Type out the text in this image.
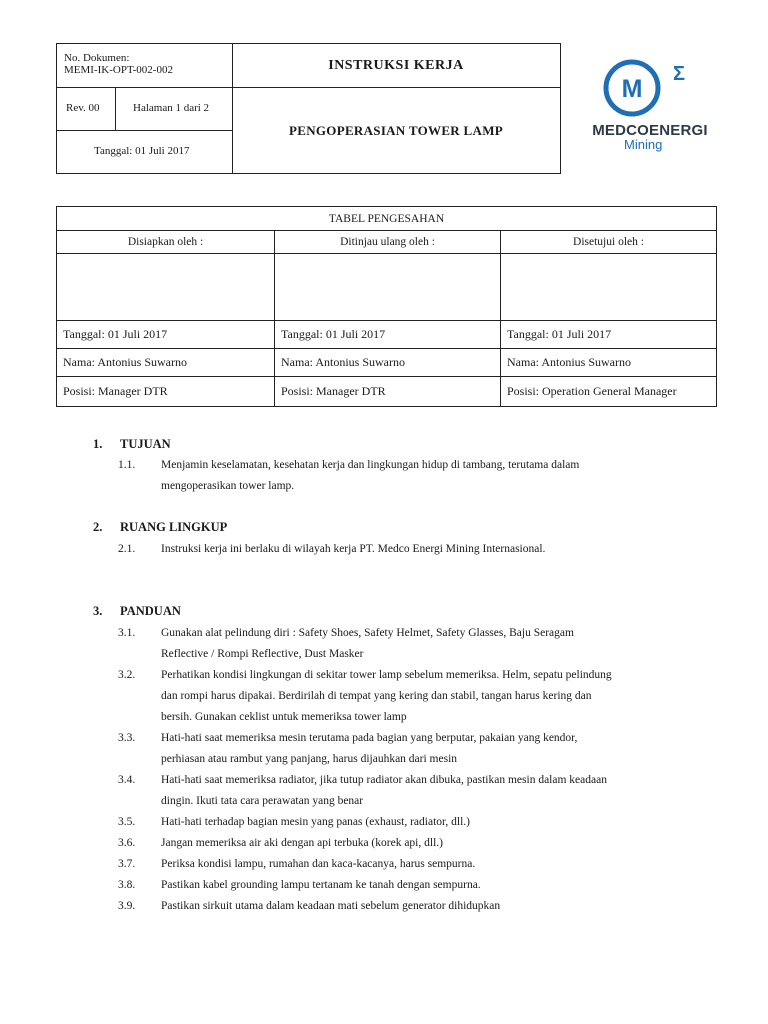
No. Dokumen:
MEMI-IK-OPT-002-002
Rev. 00	Halaman 1 dari 2
Tanggal: 01 Juli 2017
INSTRUKSI KERJA
PENGOPERASIAN TOWER LAMP
M
Σ
MEDCOENERGI
Mining
TABEL PENGESAHAN		
Disiapkan oleh :	Ditinjau ulang oleh :	Disetujui oleh :

Tanggal: 01 Juli 2017	Tanggal: 01 Juli 2017	Tanggal: 01 Juli 2017
Nama: Antonius Suwarno	Nama: Antonius Suwarno	Nama: Antonius Suwarno
Posisi: Manager DTR	Posisi: Manager DTR	Posisi: Operation General Manager
1. TUJUAN
1.1. Menjamin keselamatan, kesehatan kerja dan lingkungan hidup di tambang, terutama dalam
mengoperasikan tower lamp.
2. RUANG LINGKUP
2.1. Instruksi kerja ini berlaku di wilayah kerja PT. Medco Energi Mining Internasional.
3. PANDUAN
3.1. Gunakan alat pelindung diri : Safety Shoes, Safety Helmet, Safety Glasses, Baju Seragam
Reflective / Rompi Reflective, Dust Masker
3.2. Perhatikan kondisi lingkungan di sekitar tower lamp sebelum memeriksa. Helm, sepatu pelindung
dan rompi harus dipakai. Berdirilah di tempat yang kering dan stabil, tangan harus kering dan
bersih. Gunakan ceklist untuk memeriksa tower lamp
3.3. Hati-hati saat memeriksa mesin terutama pada bagian yang berputar, pakaian yang kendor,
perhiasan atau rambut yang panjang, harus dijauhkan dari mesin
3.4. Hati-hati saat memeriksa radiator, jika tutup radiator akan dibuka, pastikan mesin dalam keadaan
dingin. Ikuti tata cara perawatan yang benar
3.5. Hati-hati terhadap bagian mesin yang panas (exhaust, radiator, dll.)
3.6. Jangan memeriksa air aki dengan api terbuka (korek api, dll.)
3.7. Periksa kondisi lampu, rumahan dan kaca-kacanya, harus sempurna.
3.8. Pastikan kabel grounding lampu tertanam ke tanah dengan sempurna.
3.9. Pastikan sirkuit utama dalam keadaan mati sebelum generator dihidupkan
